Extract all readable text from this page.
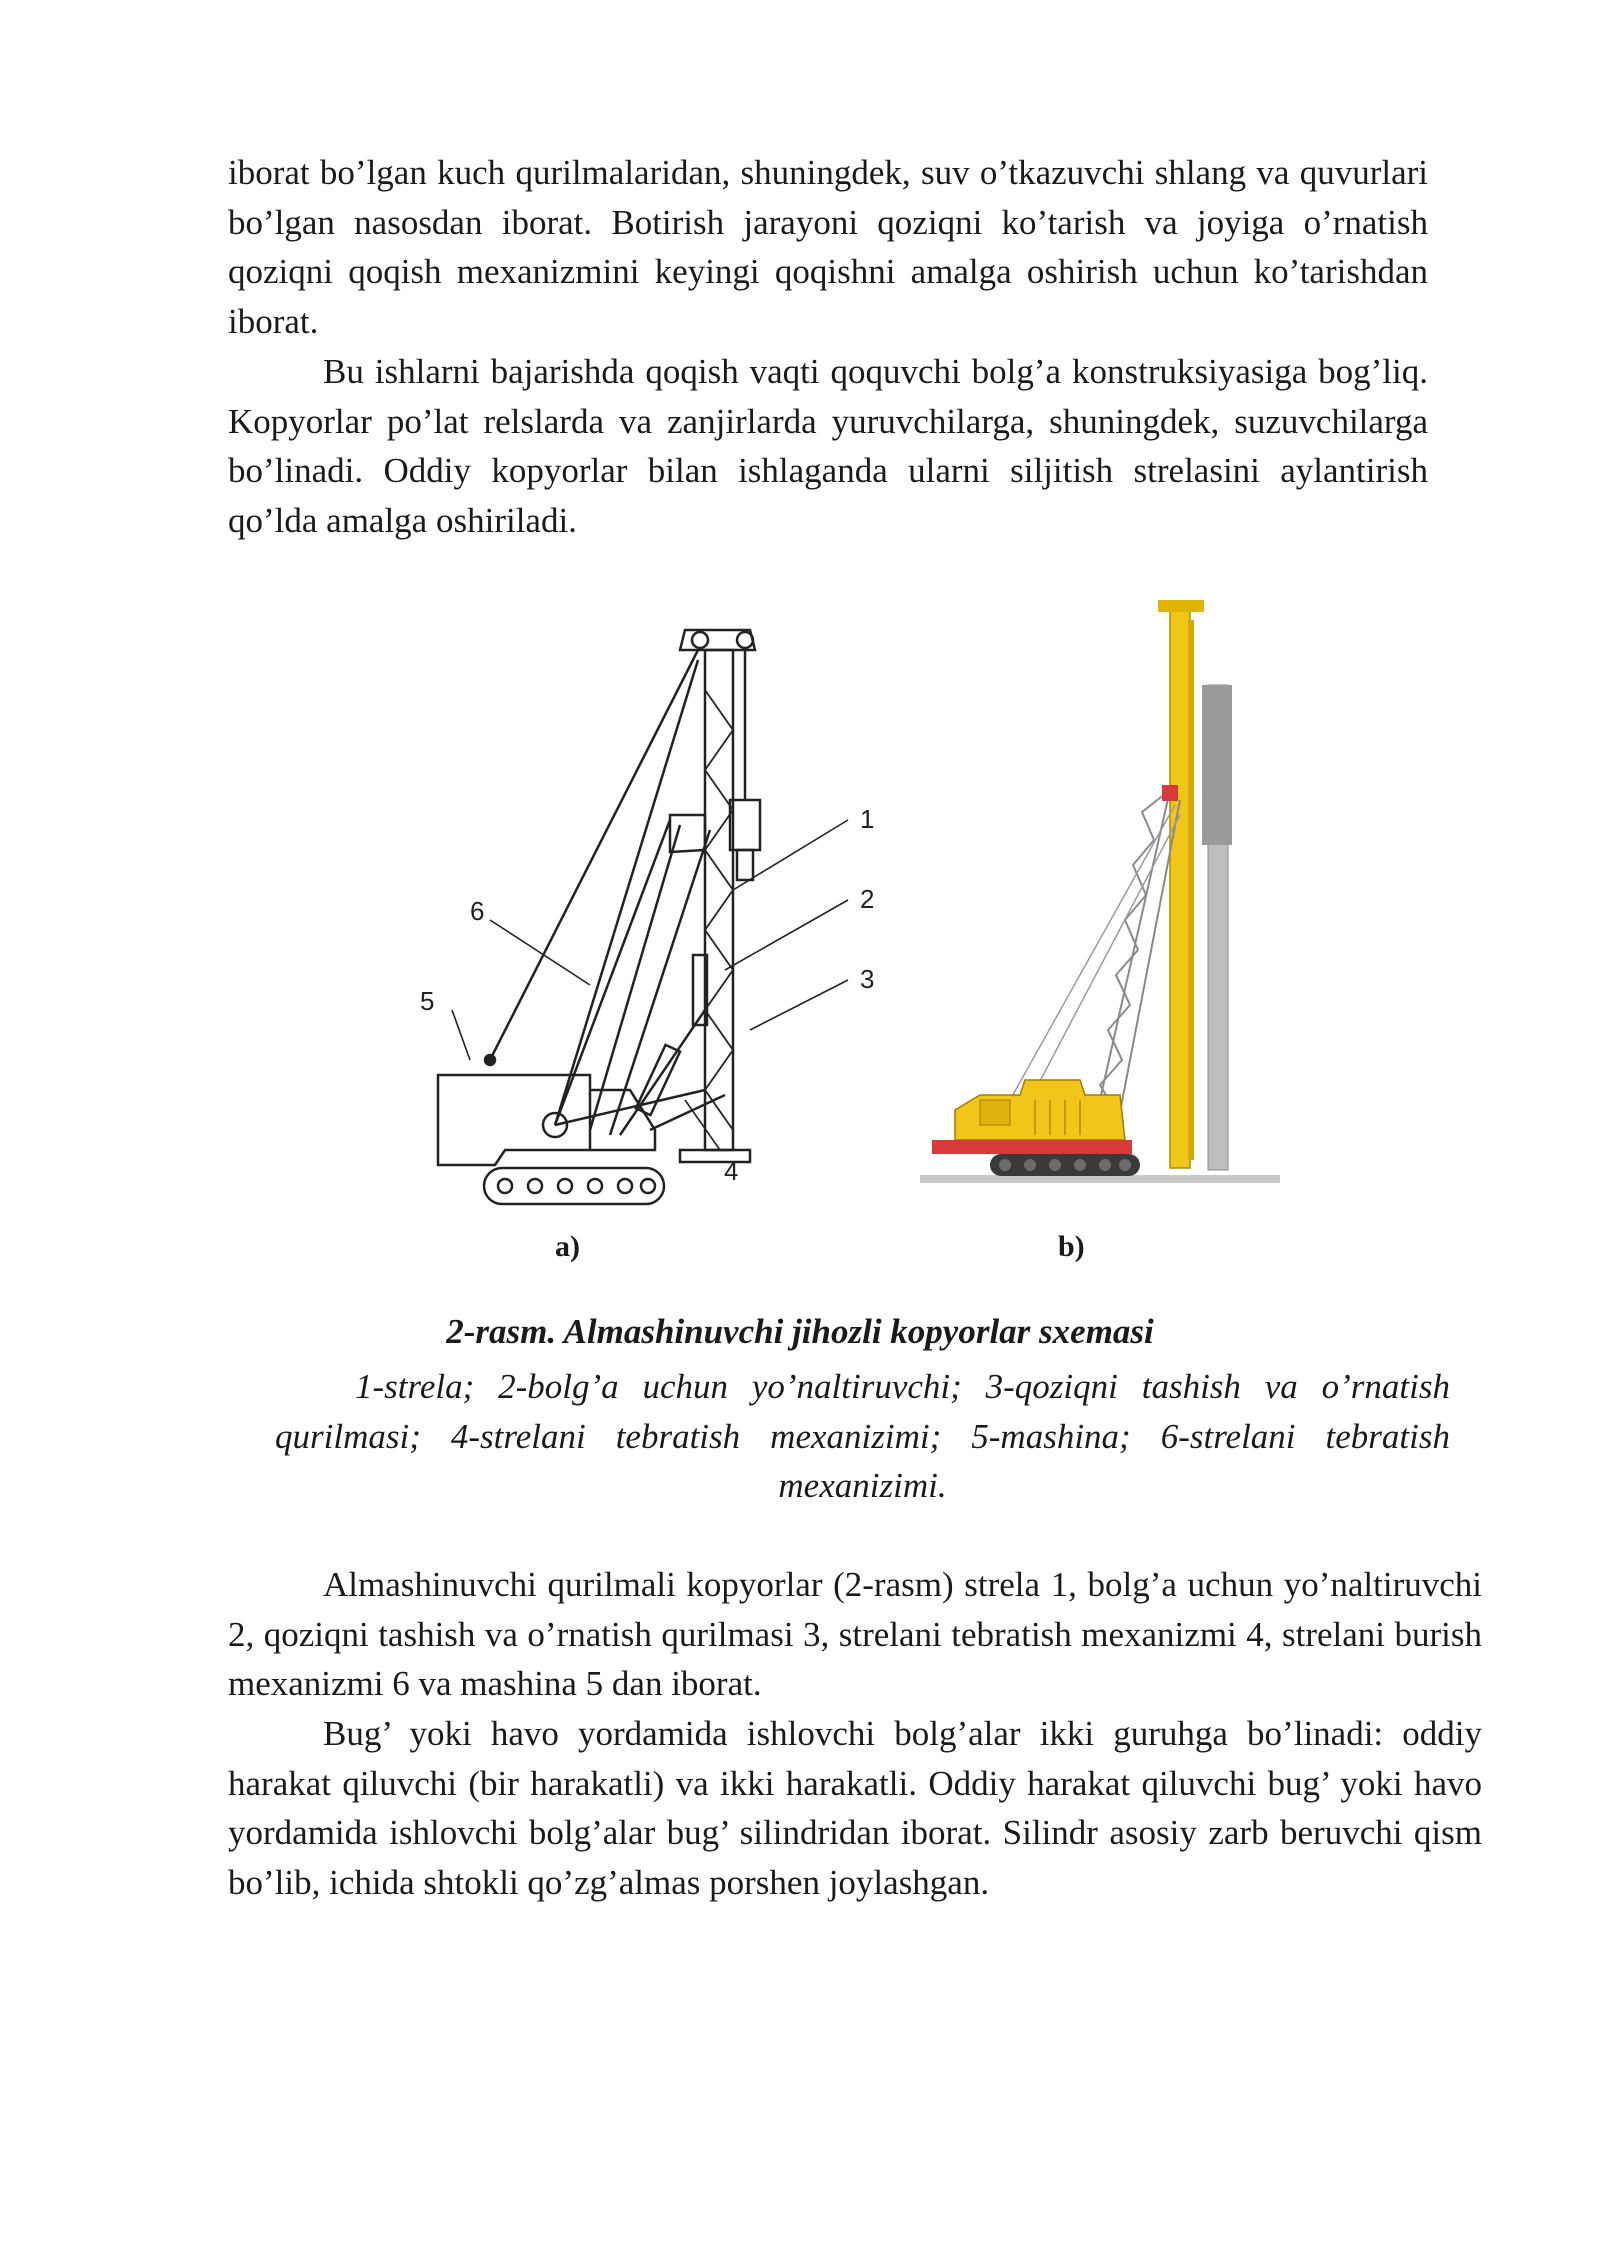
iborat bo’lgan kuch qurilmalaridan, shuningdek, suv o’tkazuvchi shlang va quvurlari bo’lgan nasosdan iborat. Botirish jarayoni qoziqni ko’tarish va joyiga o’rnatish qoziqni qoqish mexanizmini keyingi qoqishni amalga oshirish uchun ko’tarishdan iborat.

Bu ishlarni bajarishda qoqish vaqti qoquvchi bolg’a konstruksiyasiga bog’liq. Kopyorlar po’lat relslarda va zanjirlarda yuruvchilarga, shuningdek, suzuvchilarga bo’linadi. Oddiy kopyorlar bilan ishlaganda ularni siljitish strelasini aylantirish qo’lda amalga oshiriladi.

1
2
3
4
5
6
a)	b)
2-rasm. Almashinuvchi jihozli kopyorlar sxemasi
1-strela; 2-bolg’a uchun yo’naltiruvchi; 3-qoziqni tashish va o’rnatish qurilmasi; 4-strelani tebratish mexanizimi; 5-mashina; 6-strelani tebratish mexanizimi.

Almashinuvchi qurilmali kopyorlar (2-rasm) strela 1, bolg’a uchun yo’naltiruvchi 2, qoziqni tashish va o’rnatish qurilmasi 3, strelani tebratish mexanizmi 4, strelani burish mexanizmi 6 va mashina 5 dan iborat.

Bug’ yoki havo yordamida ishlovchi bolg’alar ikki guruhga bo’linadi: oddiy harakat qiluvchi (bir harakatli) va ikki harakatli. Oddiy harakat qiluvchi bug’ yoki havo yordamida ishlovchi bolg’alar bug’ silindridan iborat. Silindr asosiy zarb beruvchi qism bo’lib, ichida shtokli qo’zg’almas porshen joylashgan.
